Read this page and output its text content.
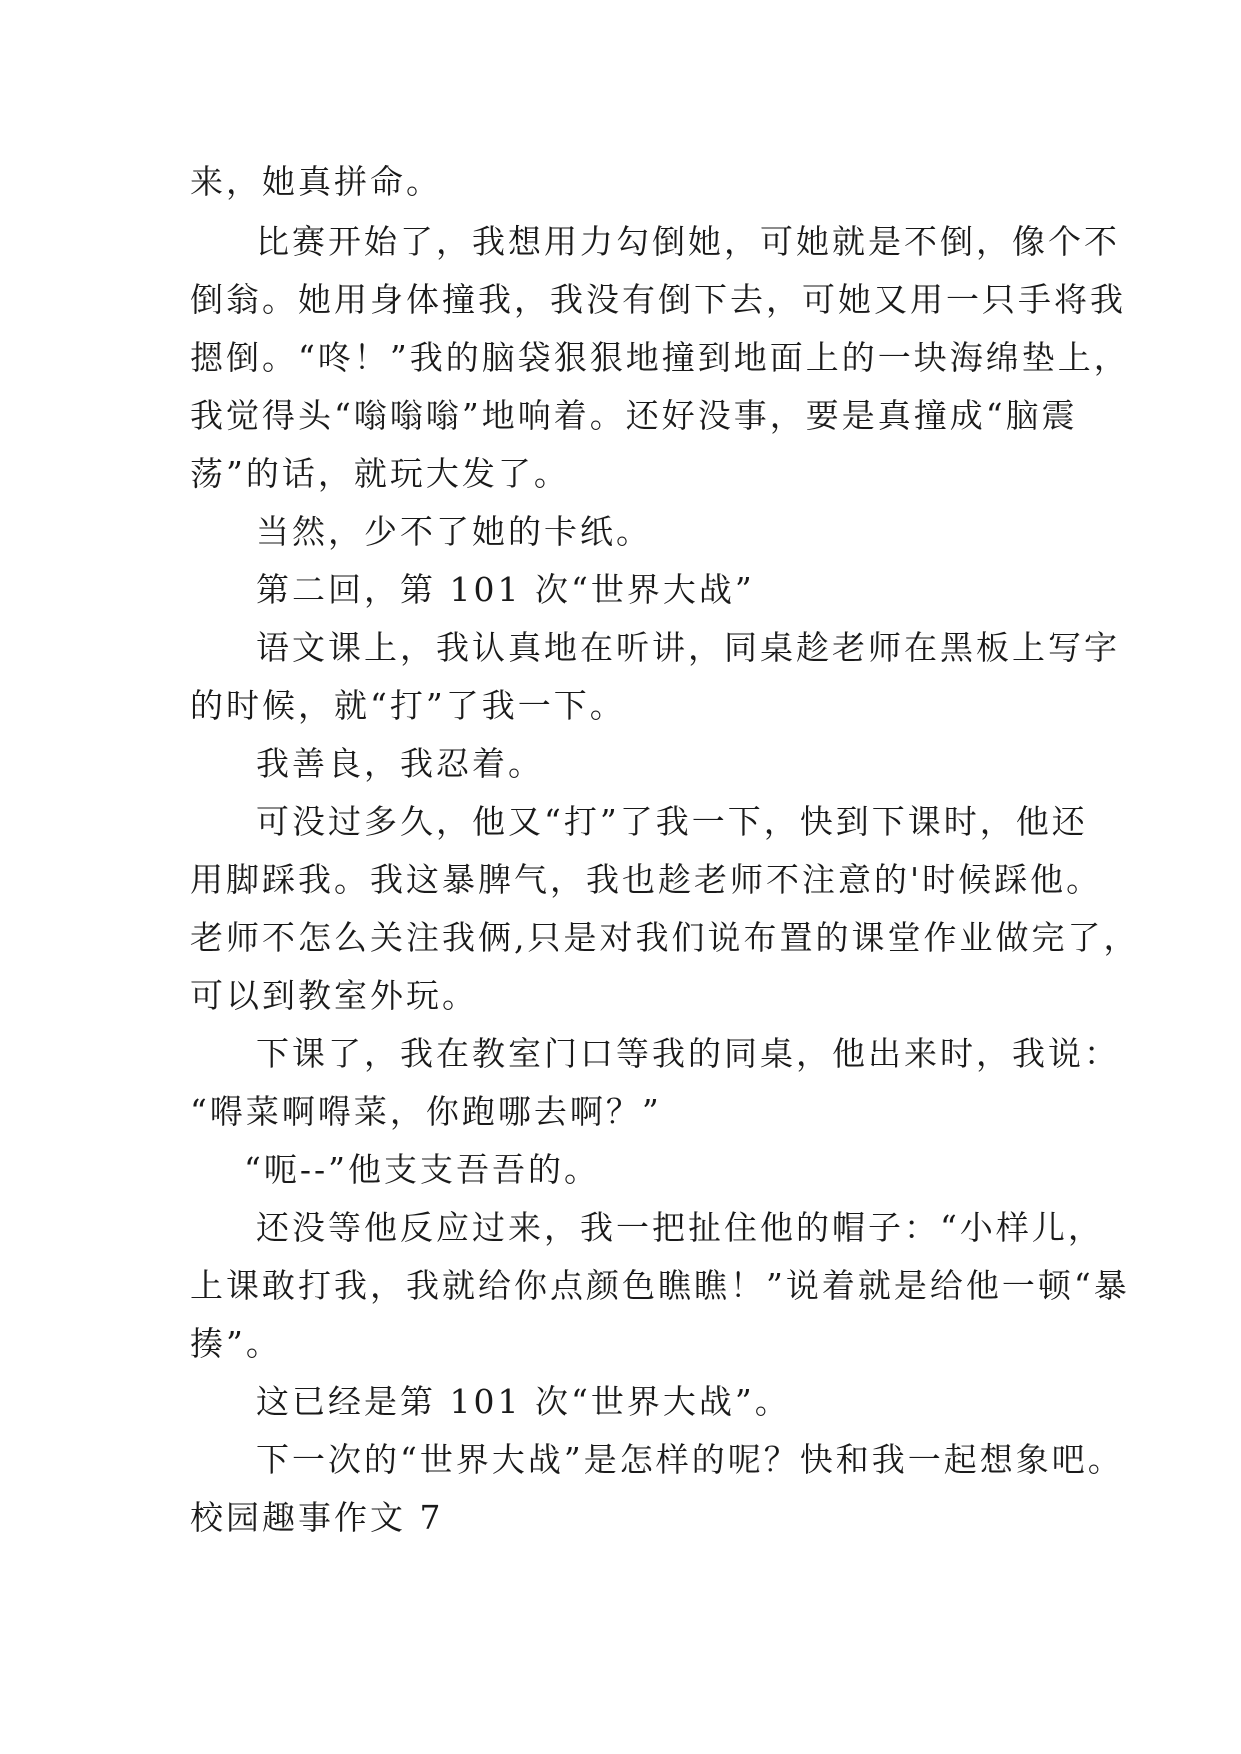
来，她真拼命。
比赛开始了，我想用力勾倒她，可她就是不倒，像个不
倒翁。她用身体撞我，我没有倒下去，可她又用一只手将我
摁倒。“咚！”我的脑袋狠狠地撞到地面上的一块海绵垫上，
我觉得头“嗡嗡嗡”地响着。还好没事，要是真撞成“脑震
荡”的话，就玩大发了。
当然，少不了她的卡纸。
第二回，第 101 次“世界大战”
语文课上，我认真地在听讲，同桌趁老师在黑板上写字
的时候，就“打”了我一下。
我善良，我忍着。
可没过多久，他又“打”了我一下，快到下课时，他还
用脚踩我。我这暴脾气，我也趁老师不注意的'时候踩他。
老师不怎么关注我俩,只是对我们说布置的课堂作业做完了，
可以到教室外玩。
下课了，我在教室门口等我的同桌，他出来时，我说：
“嘚菜啊嘚菜，你跑哪去啊？”
“呃--”他支支吾吾的。
还没等他反应过来，我一把扯住他的帽子：“小样儿，
上课敢打我，我就给你点颜色瞧瞧！”说着就是给他一顿“暴
揍”。
这已经是第 101 次“世界大战”。
下一次的“世界大战”是怎样的呢？快和我一起想象吧。
校园趣事作文 7
